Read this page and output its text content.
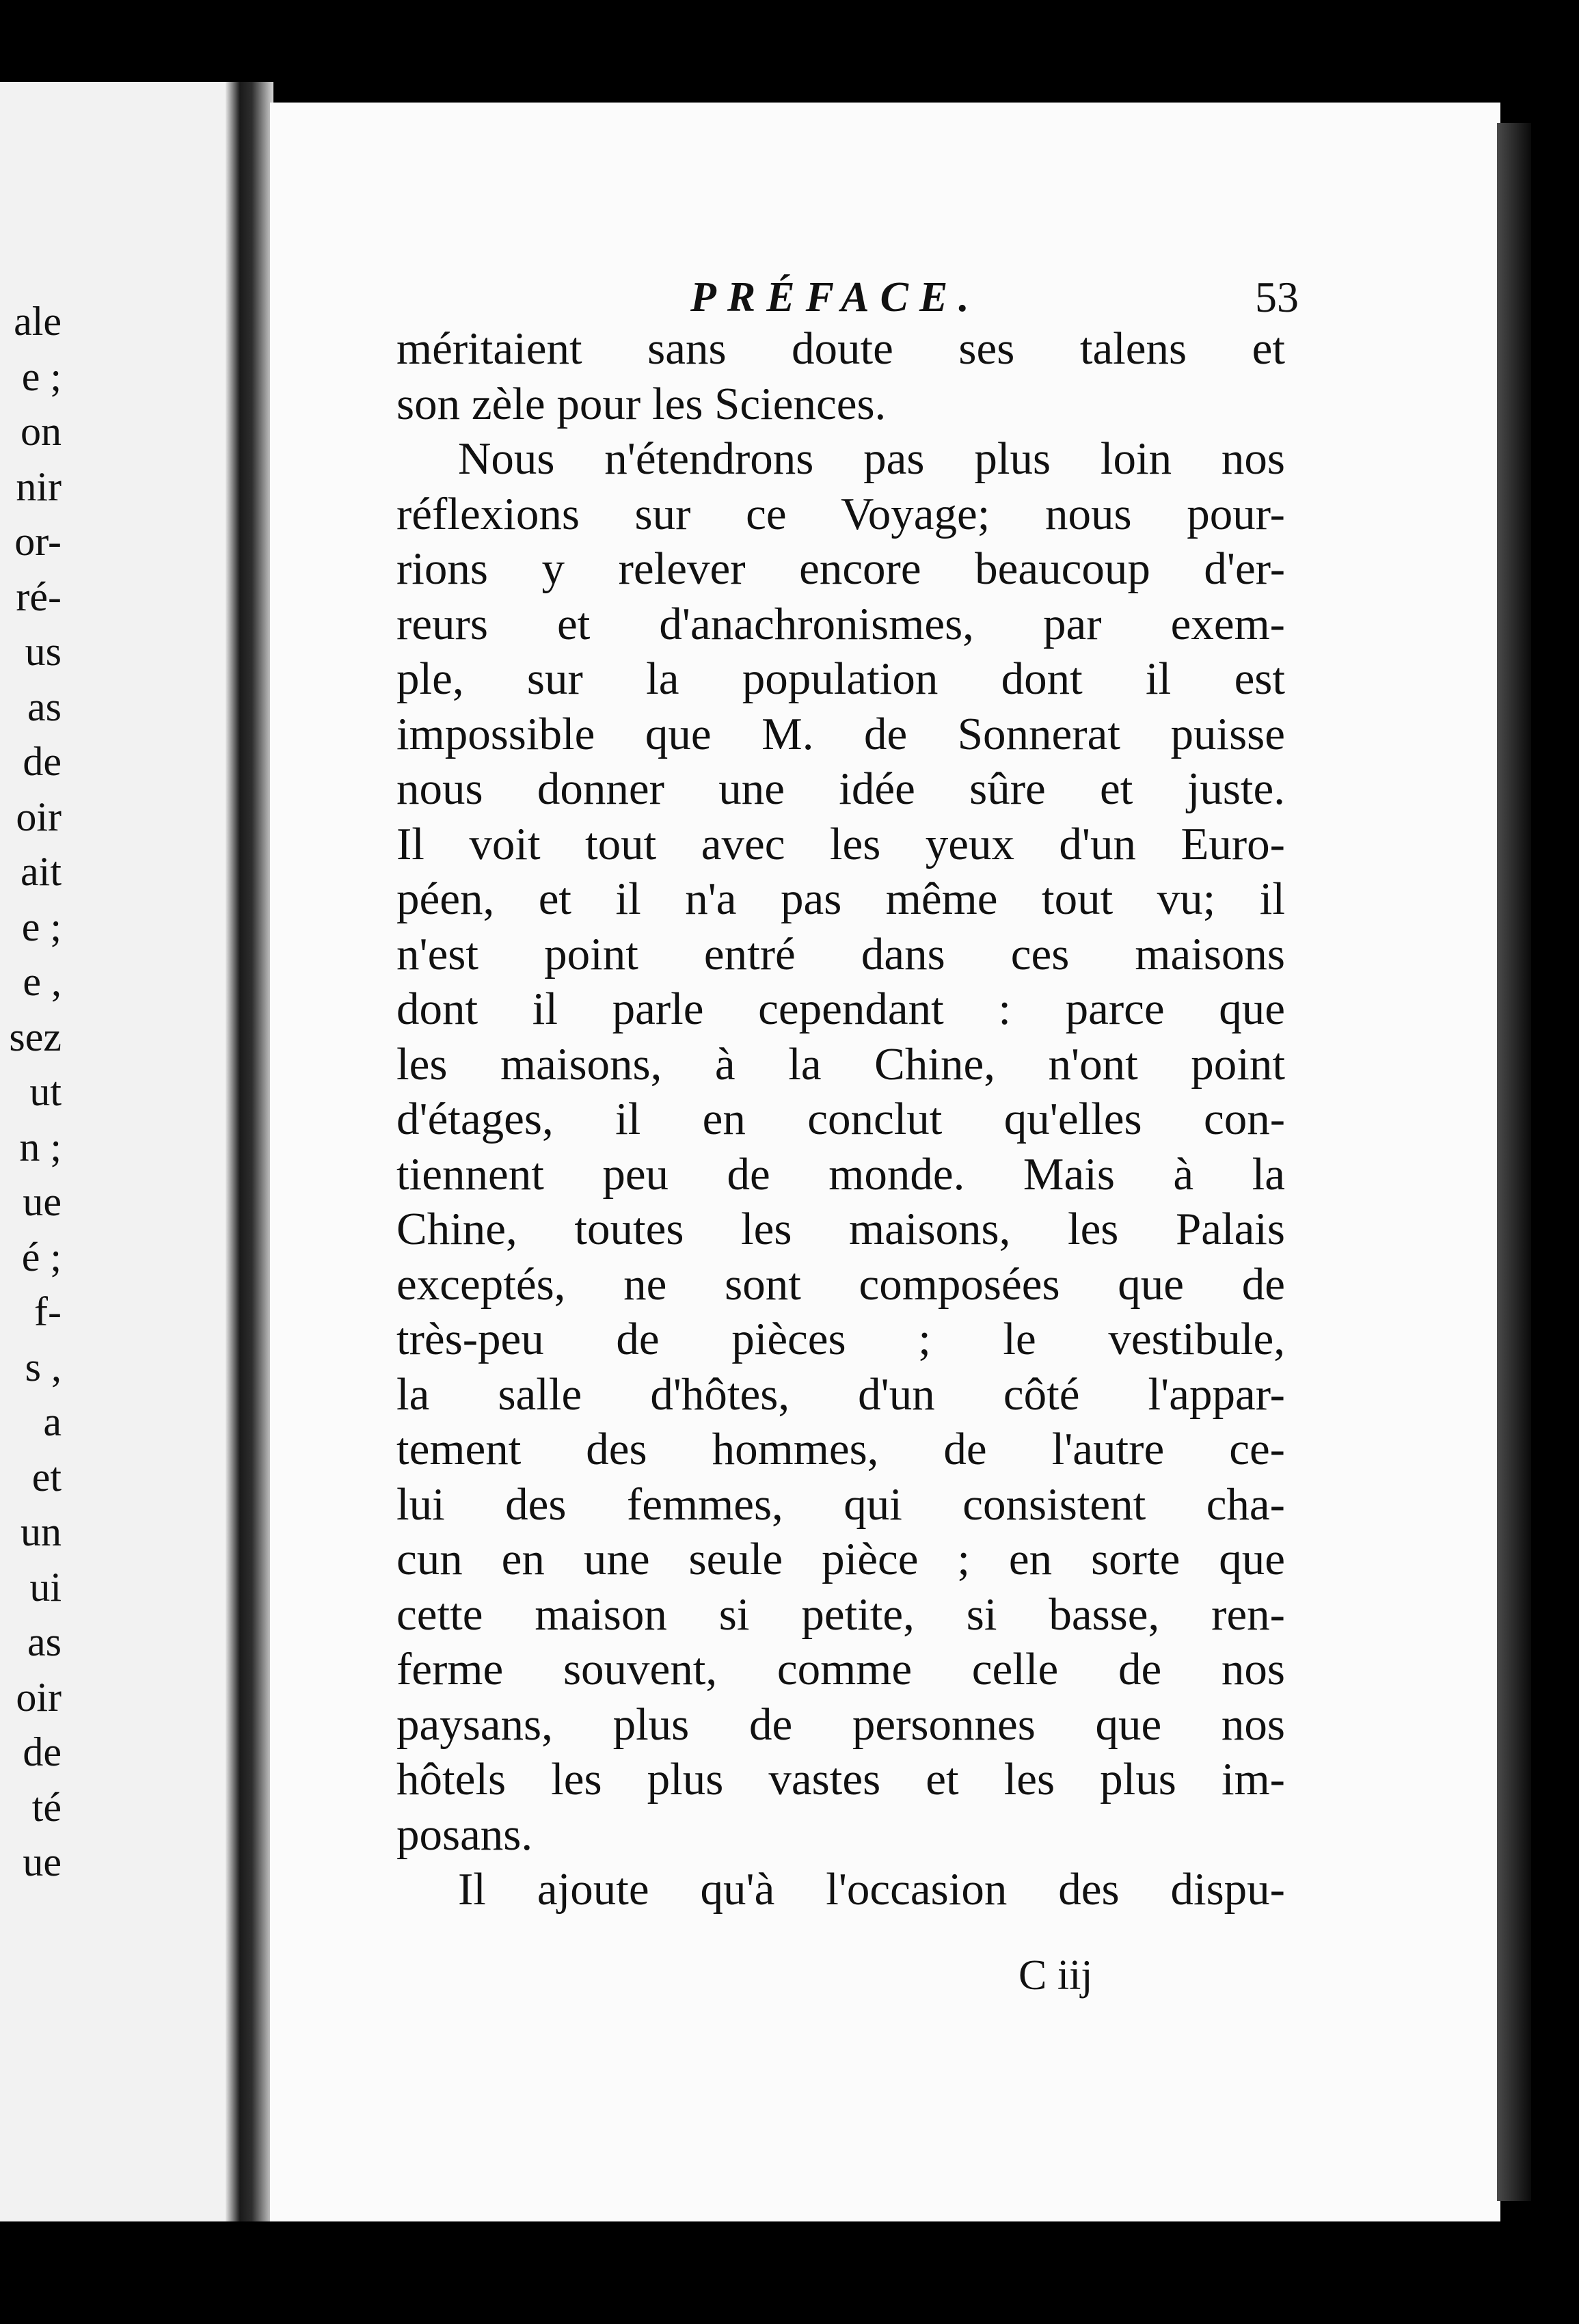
ale
e ;
on
nir
or-
ré-
us
as
de
oir
ait
e ;
e ,
sez
ut
n ;
ue
é ;
f-
s ,
a
et
un
ui
as
oir
de
té
ue
PRÉFACE.	53
méritaient sans doute ses talens et
son zèle pour les Sciences.
Nous n'étendrons pas plus loin nos
réflexions sur ce Voyage; nous pour-
rions y relever encore beaucoup d'er-
reurs et d'anachronismes, par exem-
ple, sur la population dont il est
impossible que M. de Sonnerat puisse
nous donner une idée sûre et juste.
Il voit tout avec les yeux d'un Euro-
péen, et il n'a pas même tout vu; il
n'est point entré dans ces maisons
dont il parle cependant : parce que
les maisons, à la Chine, n'ont point
d'étages, il en conclut qu'elles con-
tiennent peu de monde. Mais à la
Chine, toutes les maisons, les Palais
exceptés, ne sont composées que de
très-peu de pièces ; le vestibule,
la salle d'hôtes, d'un côté l'appar-
tement des hommes, de l'autre ce-
lui des femmes, qui consistent cha-
cun en une seule pièce ; en sorte que
cette maison si petite, si basse, ren-
ferme souvent, comme celle de nos
paysans, plus de personnes que nos
hôtels les plus vastes et les plus im-
posans.
Il ajoute qu'à l'occasion des dispu-
C iij
